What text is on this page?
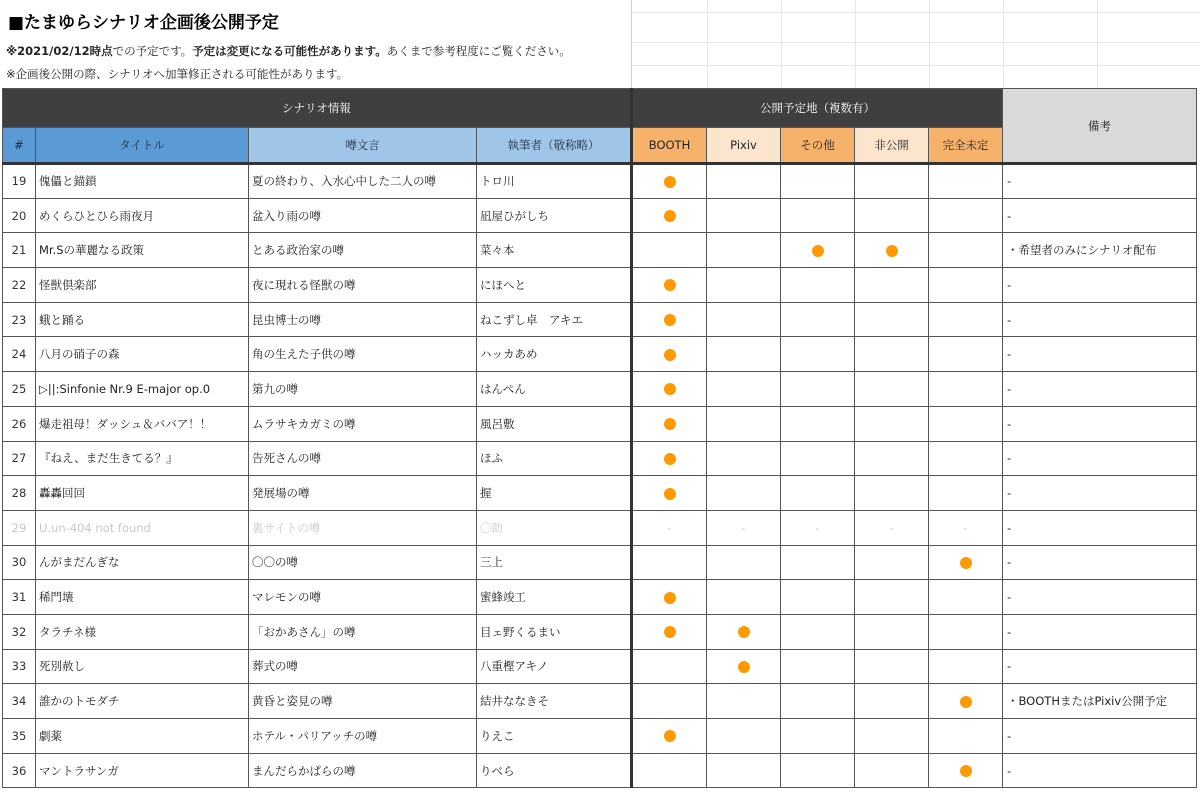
■たまゆらシナリオ企画後公開予定
※2021/02/12時点での予定です。予定は変更になる可能性があります。あくまで参考程度にご覧ください。
※企画後公開の際、シナリオへ加筆修正される可能性があります。
シナリオ情報				公開予定地（複数有）					備考
#	タイトル	噂文言	執筆者（敬称略）	BOOTH	Pixiv	その他	非公開	完全未定	
19	傀儡と錨鎖	夏の終わり、入水心中した二人の噂	トロ川						-
20	めくらひとひら雨夜月	盆入り雨の噂	凪屋ひがしち						-
21	Mr.Sの華麗なる政策	とある政治家の噂	菜々本						・希望者のみにシナリオ配布
22	怪獣倶楽部	夜に現れる怪獣の噂	にほへと						-
23	蛾と踊る	昆虫博士の噂	ねこずし卓　アキエ						-
24	八月の硝子の森	角の生えた子供の噂	ハッカあめ						-
25	▷||:Sinfonie Nr.9 E-major op.0	第九の噂	はんぺん						-
26	爆走祖母！ダッシュ＆ババア！！	ムラサキカガミの噂	風呂敷						-
27	『ねえ、まだ生きてる？』	告死さんの噂	ほふ						-
28	轟轟回回	発展場の噂	握						-
29	U.un-404 not found	裏サイトの噂	〇助	-	-	-	-	-	-
30	んがまだんぎな	〇〇の噂	三上						-
31	稀門壊	マレモンの噂	蜜蜂竣工						-
32	タラチネ様	「おかあさん」の噂	目ェ野くるまい						-
33	死別赦し	葬式の噂	八重樫アキノ						-
34	誰かのトモダチ	黄昏と姿見の噂	結井ななきそ						・BOOTHまたはPixiv公開予定
35	劇薬	ホテル・パリアッチの噂	りえこ						-
36	マントラサンガ	まんだらかぱらの噂	りべら						-
